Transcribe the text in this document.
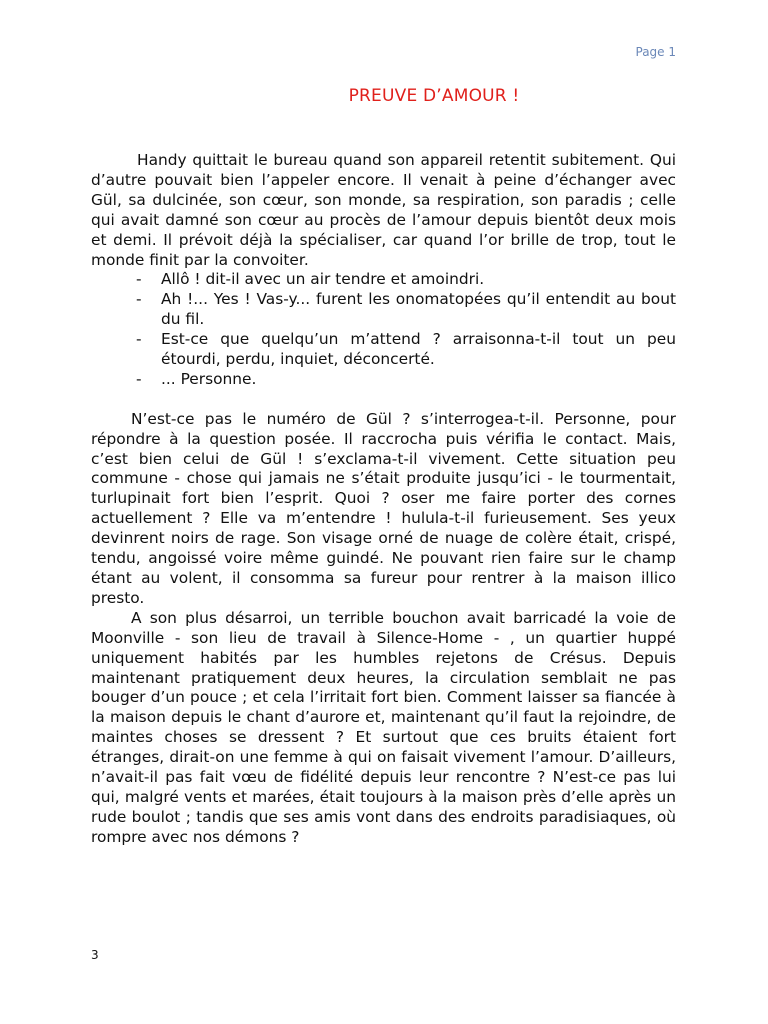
Page 1
PREUVE D’AMOUR !

Handy quittait le bureau quand son appareil retentit subitement. Qui d’autre pouvait bien l’appeler encore. Il venait à peine d’échanger avec Gül, sa dulcinée, son cœur, son monde, sa respiration, son paradis ; celle qui avait damné son cœur au procès de l’amour depuis bientôt deux mois et demi. Il prévoit déjà la spécialiser, car quand l’or brille de trop, tout le monde finit par la convoiter.

- Allô ! dit-il avec un air tendre et amoindri.
- Ah !... Yes ! Vas-y... furent les onomatopées qu’il entendit au bout du fil.
- Est-ce que quelqu’un m’attend ? arraisonna-t-il tout un peu étourdi, perdu, inquiet, déconcerté.
- ... Personne.

N’est-ce pas le numéro de Gül ? s’interrogea-t-il. Personne, pour répondre à la question posée. Il raccrocha puis vérifia le contact. Mais, c’est bien celui de Gül ! s’exclama-t-il vivement. Cette situation peu commune - chose qui jamais ne s’était produite jusqu’ici - le tourmentait, turlupinait fort bien l’esprit. Quoi ? oser me faire porter des cornes actuellement ? Elle va m’entendre ! hulula-t-il furieusement. Ses yeux devinrent noirs de rage. Son visage orné de nuage de colère était, crispé, tendu, angoissé voire même guindé. Ne pouvant rien faire sur le champ étant au volent, il consomma sa fureur pour rentrer à la maison illico presto.

A son plus désarroi, un terrible bouchon avait barricadé la voie de Moonville - son lieu de travail à Silence-Home - , un quartier huppé uniquement habités par les humbles rejetons de Crésus. Depuis maintenant pratiquement deux heures, la circulation semblait ne pas bouger d’un pouce ; et cela l’irritait fort bien. Comment laisser sa fiancée à la maison depuis le chant d’aurore et, maintenant qu’il faut la rejoindre, de maintes choses se dressent ? Et surtout que ces bruits étaient fort étranges, dirait-on une femme à qui on faisait vivement l’amour. D’ailleurs, n’avait-il pas fait vœu de fidélité depuis leur rencontre ? N’est-ce pas lui qui, malgré vents et marées, était toujours à la maison près d’elle après un rude boulot ; tandis que ses amis vont dans des endroits paradisiaques, où rompre avec nos démons ?

3
